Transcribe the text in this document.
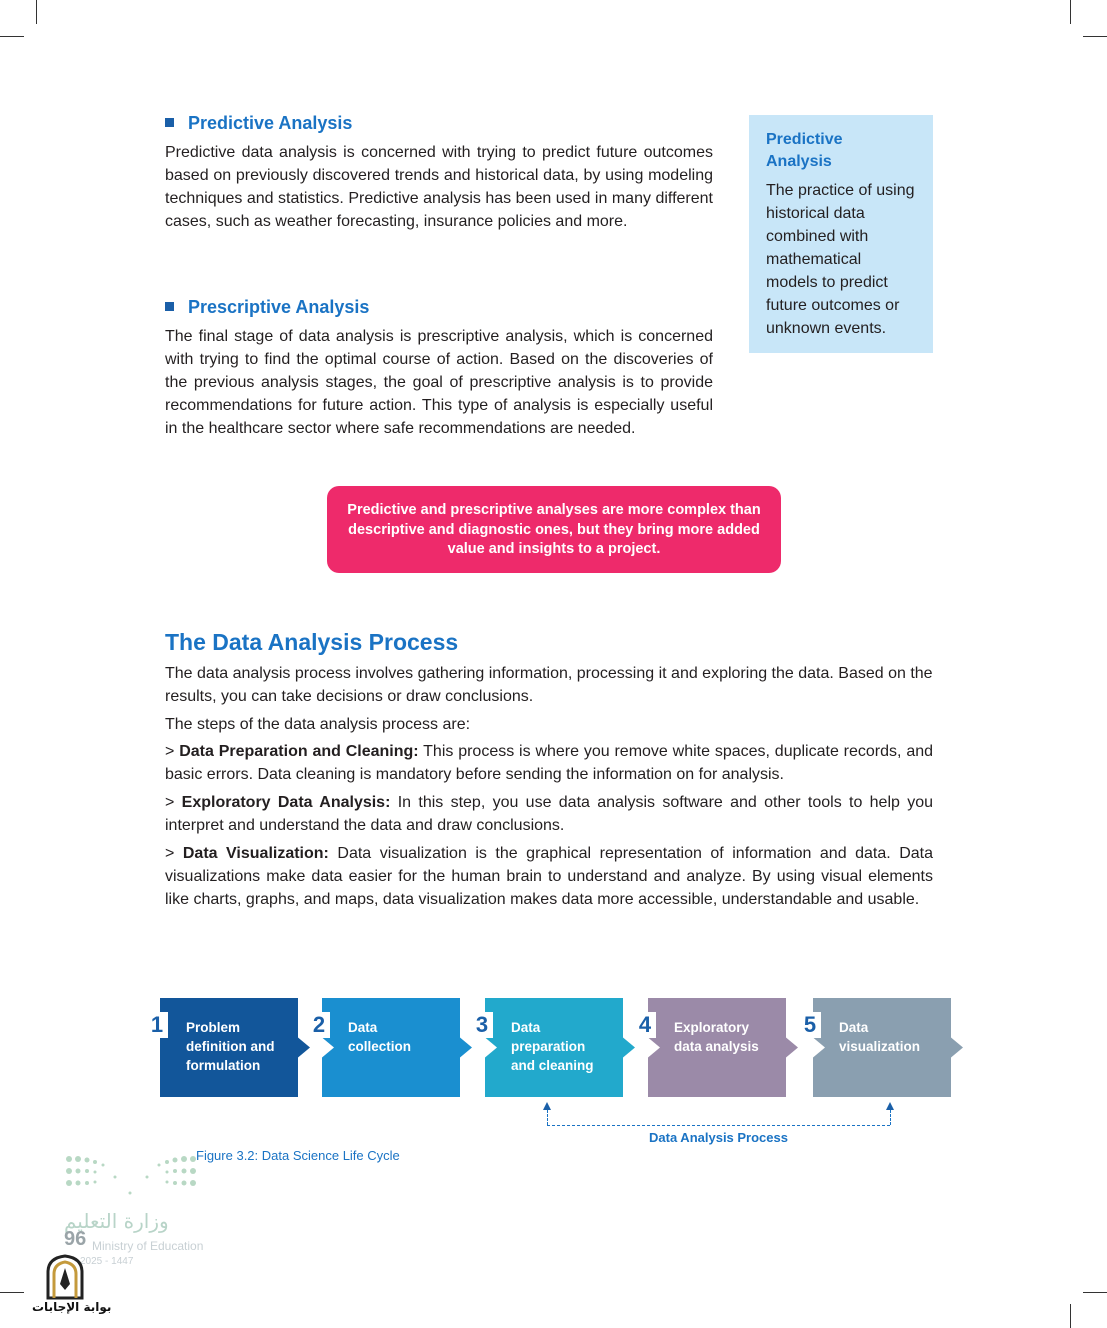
Predictive Analysis
Predictive data analysis is concerned with trying to predict future outcomes based on previously discovered trends and historical data, by using modeling techniques and statistics. Predictive analysis has been used in many different cases, such as weather forecasting, insurance policies and more.
Prescriptive Analysis
The final stage of data analysis is prescriptive analysis, which is concerned with trying to find the optimal course of action. Based on the discoveries of the previous analysis stages, the goal of prescriptive analysis is to provide recommendations for future action. This type of analysis is especially useful in the healthcare sector where safe recommendations are needed.
Predictive Analysis
The practice of using historical data combined with mathematical models to predict future outcomes or unknown events.
Predictive and prescriptive analyses are more complex than descriptive and diagnostic ones, but they bring more added value and insights to a project.
The Data Analysis Process
The data analysis process involves gathering information, processing it and exploring the data. Based on the results, you can take decisions or draw conclusions.
The steps of the data analysis process are:
> Data Preparation and Cleaning: This process is where you remove white spaces, duplicate records, and basic errors. Data cleaning is mandatory before sending the information on for analysis.
> Exploratory Data Analysis: In this step, you use data analysis software and other tools to help you interpret and understand the data and draw conclusions.
> Data Visualization: Data visualization is the graphical representation of information and data. Data visualizations make data easier for the human brain to understand and analyze. By using visual elements like charts, graphs, and maps, data visualization makes data more accessible, understandable and usable.
1	Problem
definition and
formulation
2	Data
collection
3	Data
preparation
and cleaning
4	Exploratory
data analysis
5	Data
visualization
Data Analysis Process
Figure 3.2: Data Science Life Cycle
وزارة التعليم
Ministry of Education
2025 - 1447
96
بوابة الإجابات
